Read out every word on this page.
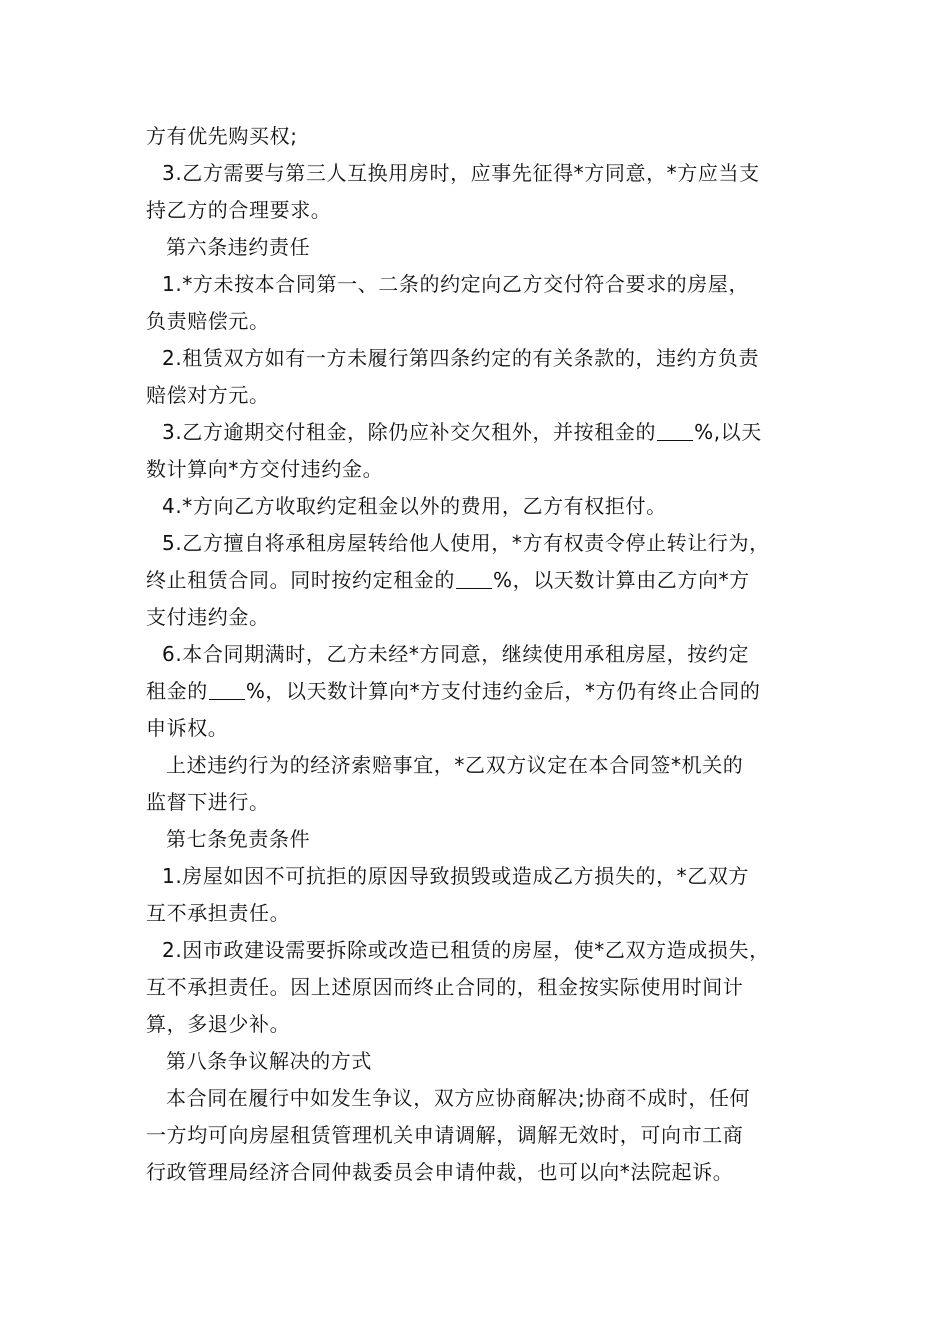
方有优先购买权;
3.乙方需要与第三人互换用房时，应事先征得*方同意，*方应当支
持乙方的合理要求。
第六条违约责任
1.*方未按本合同第一、二条的约定向乙方交付符合要求的房屋，
负责赔偿元。
2.租赁双方如有一方未履行第四条约定的有关条款的，违约方负责
赔偿对方元。
3.乙方逾期交付租金，除仍应补交欠租外，并按租金的 %,以天
数计算向*方交付违约金。
4.*方向乙方收取约定租金以外的费用，乙方有权拒付。
5.乙方擅自将承租房屋转给他人使用，*方有权责令停止转让行为，
终止租赁合同。同时按约定租金的 %，以天数计算由乙方向*方
支付违约金。
6.本合同期满时，乙方未经*方同意，继续使用承租房屋，按约定
租金的 %，以天数计算向*方支付违约金后，*方仍有终止合同的
申诉权。
上述违约行为的经济索赔事宜，*乙双方议定在本合同签*机关的
监督下进行。
第七条免责条件
1.房屋如因不可抗拒的原因导致损毁或造成乙方损失的，*乙双方
互不承担责任。
2.因市政建设需要拆除或改造已租赁的房屋，使*乙双方造成损失，
互不承担责任。因上述原因而终止合同的，租金按实际使用时间计
算，多退少补。
第八条争议解决的方式
本合同在履行中如发生争议，双方应协商解决;协商不成时，任何
一方均可向房屋租赁管理机关申请调解，调解无效时，可向市工商
行政管理局经济合同仲裁委员会申请仲裁，也可以向*法院起诉。
